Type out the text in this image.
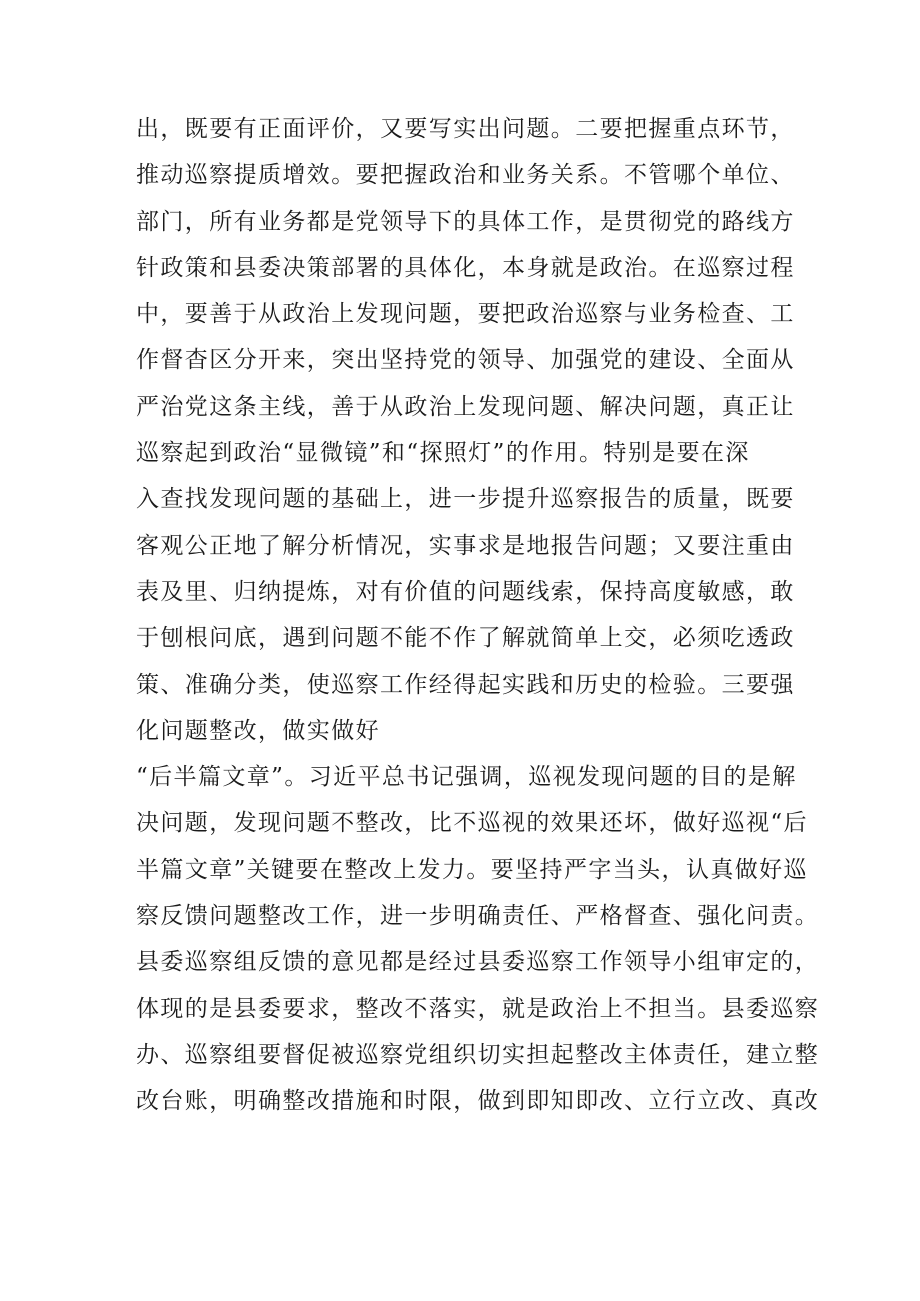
出，既要有正面评价，又要写实出问题。二要把握重点环节，
推动巡察提质增效。要把握政治和业务关系。不管哪个单位、
部门，所有业务都是党领导下的具体工作，是贯彻党的路线方
针政策和县委决策部署的具体化，本身就是政治。在巡察过程
中，要善于从政治上发现问题，要把政治巡察与业务检查、工
作督杳区分开来，突出坚持党的领导、加强党的建设、全面从
严治党这条主线，善于从政治上发现问题、解决问题，真正让
巡察起到政治“显微镜”和“探照灯”的作用。特别是要在深
入查找发现问题的基础上，进一步提升巡察报告的质量，既要
客观公正地了解分析情况，实事求是地报告问题；又要注重由
表及里、归纳提炼，对有价值的问题线索，保持高度敏感，敢
于刨根问底，遇到问题不能不作了解就简单上交，必须吃透政
策、准确分类，使巡察工作经得起实践和历史的检验。三要强
化问题整改，做实做好
“后半篇文章”。习近平总书记强调，巡视发现问题的目的是解
决问题，发现问题不整改，比不巡视的效果还坏，做好巡视“后
半篇文章”关键要在整改上发力。要坚持严字当头，认真做好巡
察反馈问题整改工作，进一步明确责任、严格督查、强化问责。
县委巡察组反馈的意见都是经过县委巡察工作领导小组审定的，
体现的是县委要求，整改不落实，就是政治上不担当。县委巡察
办、巡察组要督促被巡察党组织切实担起整改主体责任，建立整
改台账，明确整改措施和时限，做到即知即改、立行立改、真改
